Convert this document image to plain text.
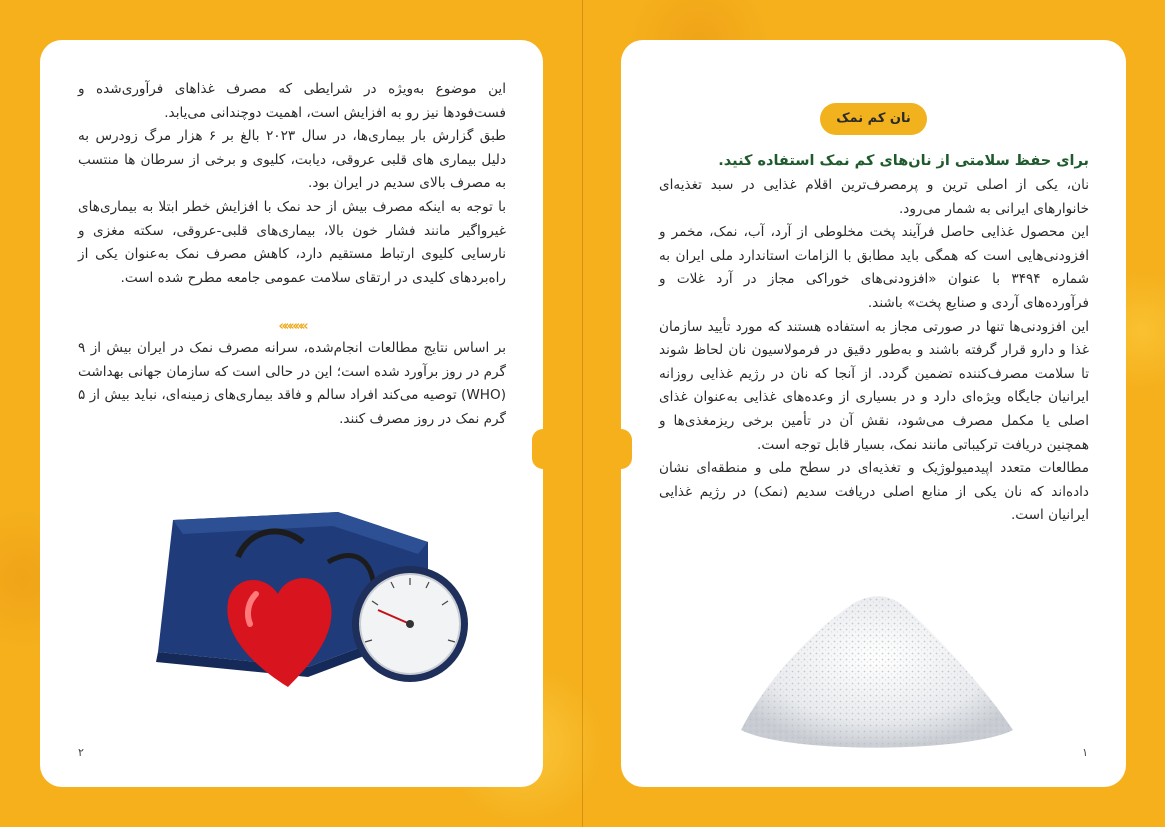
این موضوع به‌ویژه در شرایطی که مصرف غذاهای فرآوری‌شده و فست‌فودها نیز رو به افزایش است، اهمیت دوچندانی می‌یابد.

طبق گزارش بار بیماری‌ها، در سال ۲۰۲۳ بالغ بر ۶ هزار مرگ زودرس به دلیل بیماری های قلبی عروقی، دیابت، کلیوی و برخی از سرطان ها منتسب به مصرف بالای سدیم در ایران بود.

با توجه به اینکه مصرف بیش از حد نمک با افزایش خطر ابتلا به بیماری‌های غیرواگیر مانند فشار خون بالا، بیماری‌های قلبی-عروقی، سکته مغزی و نارسایی کلیوی ارتباط مستقیم دارد، کاهش مصرف نمک به‌عنوان یکی از راه‌بردهای کلیدی در ارتقای سلامت عمومی جامعه مطرح شده است.

«««««

بر اساس نتایج مطالعات انجام‌شده، سرانه مصرف نمک در ایران بیش از ۹ گرم در روز برآورد شده است؛ این در حالی است که سازمان جهانی بهداشت (WHO) توصیه می‌کند افراد سالم و فاقد بیماری‌های زمینه‌ای، نباید بیش از ۵ گرم نمک در روز مصرف کنند.

۲
نان کم نمک
برای حفظ سلامتی از نان‌های کم نمک استفاده کنید.

نان، یکی از اصلی ترین و پرمصرف‌ترین اقلام غذایی در سبد تغذیه‌ای خانوارهای ایرانی به شمار می‌رود.

این محصول غذایی حاصل فرآیند پخت مخلوطی از آرد، آب، نمک، مخمر و افزودنی‌هایی است که همگی باید مطابق با الزامات استاندارد ملی ایران به شماره ۳۴۹۴ با عنوان «افزودنی‌های خوراکی مجاز در آرد غلات و فرآورده‌های آردی و صنایع پخت» باشند.

این افزودنی‌ها تنها در صورتی مجاز به استفاده هستند که مورد تأیید سازمان غذا و دارو قرار گرفته باشند و به‌طور دقیق در فرمولاسیون نان لحاظ شوند تا سلامت مصرف‌کننده تضمین گردد. از آنجا که نان در رژیم غذایی روزانه ایرانیان جایگاه ویژه‌ای دارد و در بسیاری از وعده‌های غذایی به‌عنوان غذای اصلی یا مکمل مصرف می‌شود، نقش آن در تأمین برخی ریزمغذی‌ها و همچنین دریافت ترکیباتی مانند نمک، بسیار قابل توجه است.

مطالعات متعدد اپیدمیولوژیک و تغذیه‌ای در سطح ملی و منطقه‌ای نشان داده‌اند که نان یکی از منابع اصلی دریافت سدیم (نمک) در رژیم غذایی ایرانیان است.

۱
